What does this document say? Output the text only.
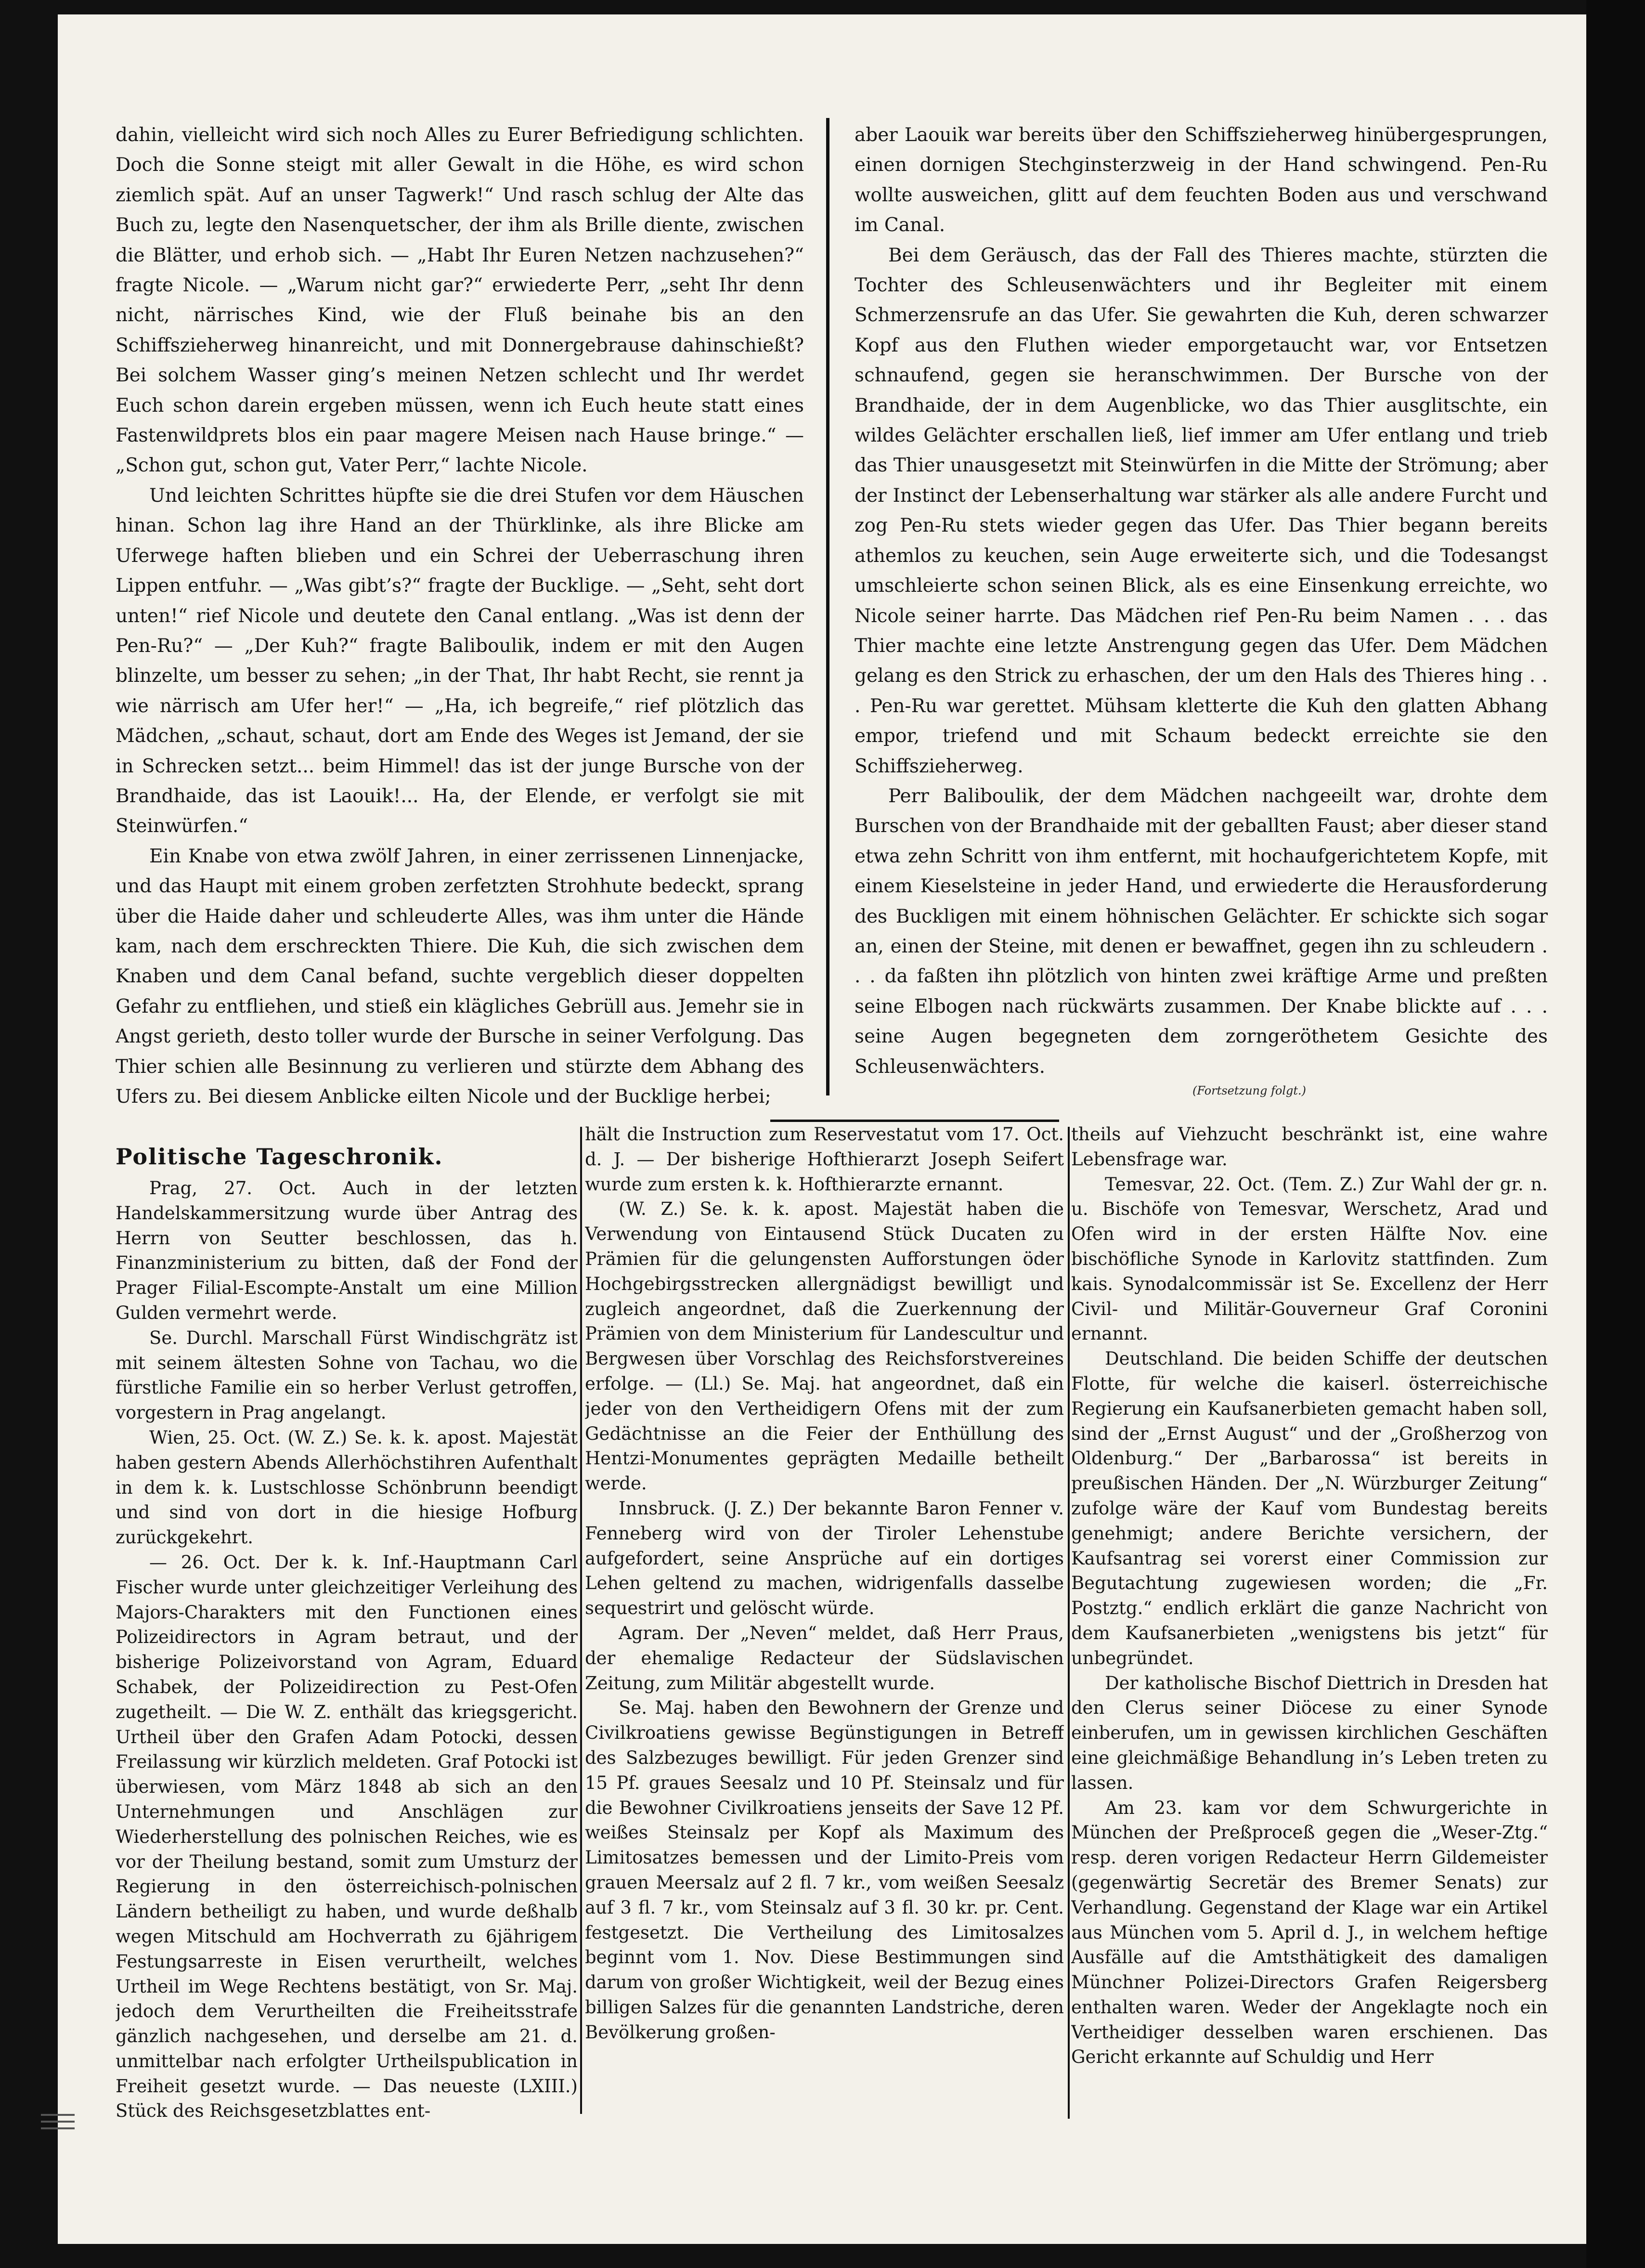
dahin, vielleicht wird sich noch Alles zu Eurer Befriedigung schlichten. Doch die Sonne steigt mit aller Gewalt in die Höhe, es wird schon ziemlich spät. Auf an unser Tagwerk!“ Und rasch schlug der Alte das Buch zu, legte den Nasenquetscher, der ihm als Brille diente, zwischen die Blätter, und erhob sich. — „Habt Ihr Euren Netzen nachzusehen?“ fragte Nicole. — „Warum nicht gar?“ erwiederte Perr, „seht Ihr denn nicht, närrisches Kind, wie der Fluß beinahe bis an den Schiffszieherweg hinanreicht, und mit Donnergebrause dahinschießt? Bei solchem Wasser ging’s meinen Netzen schlecht und Ihr werdet Euch schon darein ergeben müssen, wenn ich Euch heute statt eines Fastenwildprets blos ein paar magere Meisen nach Hause bringe.“ — „Schon gut, schon gut, Vater Perr,“ lachte Nicole.

Und leichten Schrittes hüpfte sie die drei Stufen vor dem Häuschen hinan. Schon lag ihre Hand an der Thürklinke, als ihre Blicke am Uferwege haften blieben und ein Schrei der Ueberraschung ihren Lippen entfuhr. — „Was gibt’s?“ fragte der Bucklige. — „Seht, seht dort unten!“ rief Nicole und deutete den Canal entlang. „Was ist denn der Pen-Ru?“ — „Der Kuh?“ fragte Baliboulik, indem er mit den Augen blinzelte, um besser zu sehen; „in der That, Ihr habt Recht, sie rennt ja wie närrisch am Ufer her!“ — „Ha, ich begreife,“ rief plötzlich das Mädchen, „schaut, schaut, dort am Ende des Weges ist Jemand, der sie in Schrecken setzt... beim Himmel! das ist der junge Bursche von der Brandhaide, das ist Laouik!... Ha, der Elende, er verfolgt sie mit Steinwürfen.“

Ein Knabe von etwa zwölf Jahren, in einer zerrissenen Linnenjacke, und das Haupt mit einem groben zerfetzten Strohhute bedeckt, sprang über die Haide daher und schleuderte Alles, was ihm unter die Hände kam, nach dem erschreckten Thiere. Die Kuh, die sich zwischen dem Knaben und dem Canal befand, suchte vergeblich dieser doppelten Gefahr zu entfliehen, und stieß ein klägliches Gebrüll aus. Jemehr sie in Angst gerieth, desto toller wurde der Bursche in seiner Verfolgung. Das Thier schien alle Besinnung zu verlieren und stürzte dem Abhang des Ufers zu. Bei diesem Anblicke eilten Nicole und der Bucklige herbei;

aber Laouik war bereits über den Schiffszieherweg hinübergesprungen, einen dornigen Stechginsterzweig in der Hand schwingend. Pen-Ru wollte ausweichen, glitt auf dem feuchten Boden aus und verschwand im Canal.

Bei dem Geräusch, das der Fall des Thieres machte, stürzten die Tochter des Schleusenwächters und ihr Begleiter mit einem Schmerzensrufe an das Ufer. Sie gewahrten die Kuh, deren schwarzer Kopf aus den Fluthen wieder emporgetaucht war, vor Entsetzen schnaufend, gegen sie heranschwimmen. Der Bursche von der Brandhaide, der in dem Augenblicke, wo das Thier ausglitschte, ein wildes Gelächter erschallen ließ, lief immer am Ufer entlang und trieb das Thier unausgesetzt mit Steinwürfen in die Mitte der Strömung; aber der Instinct der Lebenserhaltung war stärker als alle andere Furcht und zog Pen-Ru stets wieder gegen das Ufer. Das Thier begann bereits athemlos zu keuchen, sein Auge erweiterte sich, und die Todesangst umschleierte schon seinen Blick, als es eine Einsenkung erreichte, wo Nicole seiner harrte. Das Mädchen rief Pen-Ru beim Namen . . . das Thier machte eine letzte Anstrengung gegen das Ufer. Dem Mädchen gelang es den Strick zu erhaschen, der um den Hals des Thieres hing . . . Pen-Ru war gerettet. Mühsam kletterte die Kuh den glatten Abhang empor, triefend und mit Schaum bedeckt erreichte sie den Schiffszieherweg.

Perr Baliboulik, der dem Mädchen nachgeeilt war, drohte dem Burschen von der Brandhaide mit der geballten Faust; aber dieser stand etwa zehn Schritt von ihm entfernt, mit hochaufgerichtetem Kopfe, mit einem Kieselsteine in jeder Hand, und erwiederte die Herausforderung des Buckligen mit einem höhnischen Gelächter. Er schickte sich sogar an, einen der Steine, mit denen er bewaffnet, gegen ihn zu schleudern . . . da faßten ihn plötzlich von hinten zwei kräftige Arme und preßten seine Elbogen nach rückwärts zusammen. Der Knabe blickte auf . . . seine Augen begegneten dem zorngeröthetem Gesichte des Schleusenwächters.

(Fortsetzung folgt.)
Politische Tageschronik.

Prag, 27. Oct. Auch in der letzten Handelskammersitzung wurde über Antrag des Herrn von Seutter beschlossen, das h. Finanzministerium zu bitten, daß der Fond der Prager Filial-Escompte-Anstalt um eine Million Gulden vermehrt werde.

Se. Durchl. Marschall Fürst Windischgrätz ist mit seinem ältesten Sohne von Tachau, wo die fürstliche Familie ein so herber Verlust getroffen, vorgestern in Prag angelangt.

Wien, 25. Oct. (W. Z.) Se. k. k. apost. Majestät haben gestern Abends Allerhöchstihren Aufenthalt in dem k. k. Lustschlosse Schönbrunn beendigt und sind von dort in die hiesige Hofburg zurückgekehrt.

— 26. Oct. Der k. k. Inf.-Hauptmann Carl Fischer wurde unter gleichzeitiger Verleihung des Majors-Charakters mit den Functionen eines Polizeidirectors in Agram betraut, und der bisherige Polizeivorstand von Agram, Eduard Schabek, der Polizeidirection zu Pest-Ofen zugetheilt. — Die W. Z. enthält das kriegsgericht. Urtheil über den Grafen Adam Potocki, dessen Freilassung wir kürzlich meldeten. Graf Potocki ist überwiesen, vom März 1848 ab sich an den Unternehmungen und Anschlägen zur Wiederherstellung des polnischen Reiches, wie es vor der Theilung bestand, somit zum Umsturz der Regierung in den österreichisch-polnischen Ländern betheiligt zu haben, und wurde deßhalb wegen Mitschuld am Hochverrath zu 6jährigem Festungsarreste in Eisen verurtheilt, welches Urtheil im Wege Rechtens bestätigt, von Sr. Maj. jedoch dem Verurtheilten die Freiheitsstrafe gänzlich nachgesehen, und derselbe am 21. d. unmittelbar nach erfolgter Urtheilspublication in Freiheit gesetzt wurde. — Das neueste (LXIII.) Stück des Reichsgesetzblattes ent-

hält die Instruction zum Reservestatut vom 17. Oct. d. J. — Der bisherige Hofthierarzt Joseph Seifert wurde zum ersten k. k. Hofthierarzte ernannt.

(W. Z.) Se. k. k. apost. Majestät haben die Verwendung von Eintausend Stück Ducaten zu Prämien für die gelungensten Aufforstungen öder Hochgebirgsstrecken allergnädigst bewilligt und zugleich angeordnet, daß die Zuerkennung der Prämien von dem Ministerium für Landescultur und Bergwesen über Vorschlag des Reichsforstvereines erfolge. — (Ll.) Se. Maj. hat angeordnet, daß ein jeder von den Vertheidigern Ofens mit der zum Gedächtnisse an die Feier der Enthüllung des Hentzi-Monumentes geprägten Medaille betheilt werde.

Innsbruck. (J. Z.) Der bekannte Baron Fenner v. Fenneberg wird von der Tiroler Lehenstube aufgefordert, seine Ansprüche auf ein dortiges Lehen geltend zu machen, widrigenfalls dasselbe sequestrirt und gelöscht würde.

Agram. Der „Neven“ meldet, daß Herr Praus, der ehemalige Redacteur der Südslavischen Zeitung, zum Militär abgestellt wurde.

Se. Maj. haben den Bewohnern der Grenze und Civilkroatiens gewisse Begünstigungen in Betreff des Salzbezuges bewilligt. Für jeden Grenzer sind 15 Pf. graues Seesalz und 10 Pf. Steinsalz und für die Bewohner Civilkroatiens jenseits der Save 12 Pf. weißes Steinsalz per Kopf als Maximum des Limitosatzes bemessen und der Limito-Preis vom grauen Meersalz auf 2 fl. 7 kr., vom weißen Seesalz auf 3 fl. 7 kr., vom Steinsalz auf 3 fl. 30 kr. pr. Cent. festgesetzt. Die Vertheilung des Limitosalzes beginnt vom 1. Nov. Diese Bestimmungen sind darum von großer Wichtigkeit, weil der Bezug eines billigen Salzes für die genannten Landstriche, deren Bevölkerung großen-

theils auf Viehzucht beschränkt ist, eine wahre Lebensfrage war.

Temesvar, 22. Oct. (Tem. Z.) Zur Wahl der gr. n. u. Bischöfe von Temesvar, Werschetz, Arad und Ofen wird in der ersten Hälfte Nov. eine bischöfliche Synode in Karlovitz stattfinden. Zum kais. Synodalcommissär ist Se. Excellenz der Herr Civil- und Militär-Gouverneur Graf Coronini ernannt.

Deutschland. Die beiden Schiffe der deutschen Flotte, für welche die kaiserl. österreichische Regierung ein Kaufsanerbieten gemacht haben soll, sind der „Ernst August“ und der „Großherzog von Oldenburg.“ Der „Barbarossa“ ist bereits in preußischen Händen. Der „N. Würzburger Zeitung“ zufolge wäre der Kauf vom Bundestag bereits genehmigt; andere Berichte versichern, der Kaufsantrag sei vorerst einer Commission zur Begutachtung zugewiesen worden; die „Fr. Postztg.“ endlich erklärt die ganze Nachricht von dem Kaufsanerbieten „wenigstens bis jetzt“ für unbegründet.

Der katholische Bischof Diettrich in Dresden hat den Clerus seiner Diöcese zu einer Synode einberufen, um in gewissen kirchlichen Geschäften eine gleichmäßige Behandlung in’s Leben treten zu lassen.

Am 23. kam vor dem Schwurgerichte in München der Preßproceß gegen die „Weser-Ztg.“ resp. deren vorigen Redacteur Herrn Gildemeister (gegenwärtig Secretär des Bremer Senats) zur Verhandlung. Gegenstand der Klage war ein Artikel aus München vom 5. April d. J., in welchem heftige Ausfälle auf die Amtsthätigkeit des damaligen Münchner Polizei-Directors Grafen Reigersberg enthalten waren. Weder der Angeklagte noch ein Vertheidiger desselben waren erschienen. Das Gericht erkannte auf Schuldig und Herr
